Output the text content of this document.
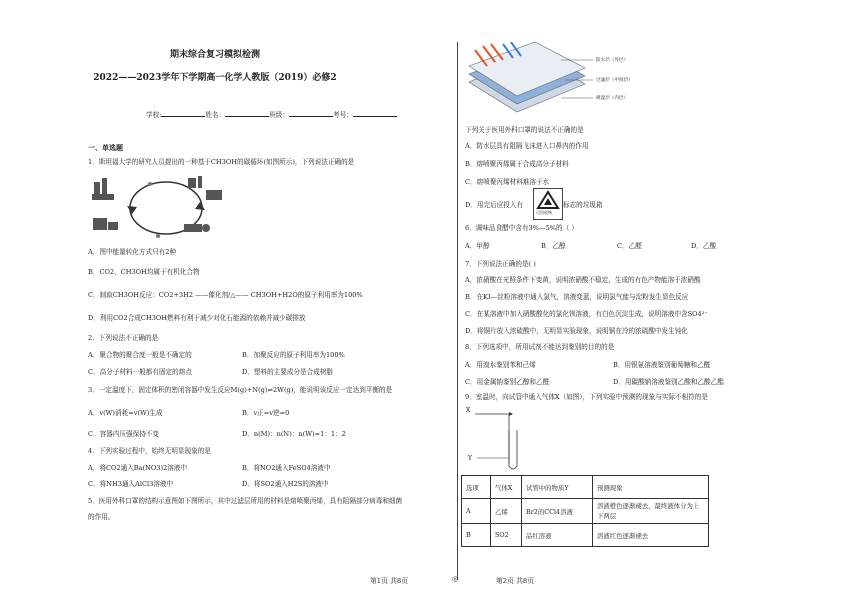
期末综合复习模拟检测
2022——2023学年下学期高一化学人教版（2019）必修2
学校:	姓名：	班级：	考号：
一、单选题
1．斯坦福大学的研究人员提出的一种基于CH3OH的碳循环(如图所示)，下列说法正确的是
A．图中能量转化方式只有2种
B．CO2，CH3OH均属于有机化合物
C．制取CH3OH反应：CO2+3H2 ——催化剂/△—— CH3OH+H2O的原子利用率为100%
D．利用CO2合成CH3OH燃料有利于减少对化石能源的依赖并减少碳排放
2．下列说法不正确的是
A．聚合物的聚合度一般是不确定的	B．加聚反应的原子利用率为100%
C．高分子材料一般都有固定的熔点	D．塑料的主要成分是合成树脂
3．一定温度下，固定体积的密闭容器中发生反应M(g)+N(g)⇌2W(g)，能说明该反应一定达到平衡的是
A．v(W)消耗=v(W)生成	B．v正=v逆=0
C．容器内压强保持不变	D．n(M)：n(N)：n(W)=1：1：2
4．下列实验过程中，始终无明显现象的是
A．将CO2通入Ba(NO3)2溶液中	B．将NO2通入FeSO4溶液中
C．将NH3通入AlCl3溶液中	D．将SO2通入H2S的溶液中
5．医用外科口罩的结构示意图如下图所示，其中过滤层所用的材料是熔喷聚丙烯，具有阻隔部分病毒和细菌
的作用。
第1页 共8页
防水层（外层）
过滤层（中间层）
吸湿层（内层）
下列关于医用外科口罩的说法不正确的是
A．防水层具有阻隔飞沫进入口鼻内的作用
B．熔喷聚丙烯属于合成高分子材料
C．熔喷聚丙烯材料难溶于水
D．用完后应投入有
可回收物
标志的垃圾箱
6．调味品食醋中含有3%—5%的（ ）
A．甲醇	B．乙醇	C．乙醛	D．乙酸
7．下列说法正确的是( )
A．浓硝酸在光照条件下变黄，说明浓硝酸不稳定，生成的有色产物能溶于浓硝酸
B．在KI—淀粉溶液中通入氯气，溶液变蓝，说明氯气能与淀粉发生显色反应
C．在某溶液中加入硝酸酸化的氯化钡溶液，有白色沉淀生成，说明溶液中含SO4²⁻
D．将铜片放入浓硫酸中，无明显实验现象，说明铜在冷的浓硫酸中发生钝化
8．下列选项中，所用试剂不能达到鉴别的目的的是
A．用溴水鉴别苯和己烯	B．用银氨溶液鉴别葡萄糖和乙醛
C．用金属钠鉴别乙醇和乙醛	D．用碳酸钠溶液鉴别乙酸和乙酸乙酯
9．室温时，向试管中通入气体X（如图），下列实验中预测的现象与实际不相符的是
X
Y
第2页 共8页
◎
选项	气体X	试管中的物质Y	预测现象
A	乙烯	Br2的CCl4溶液	溶液橙色逐渐褪去，最终液体分为上下两层
B	SO2	品红溶液	溶液红色逐渐褪去
